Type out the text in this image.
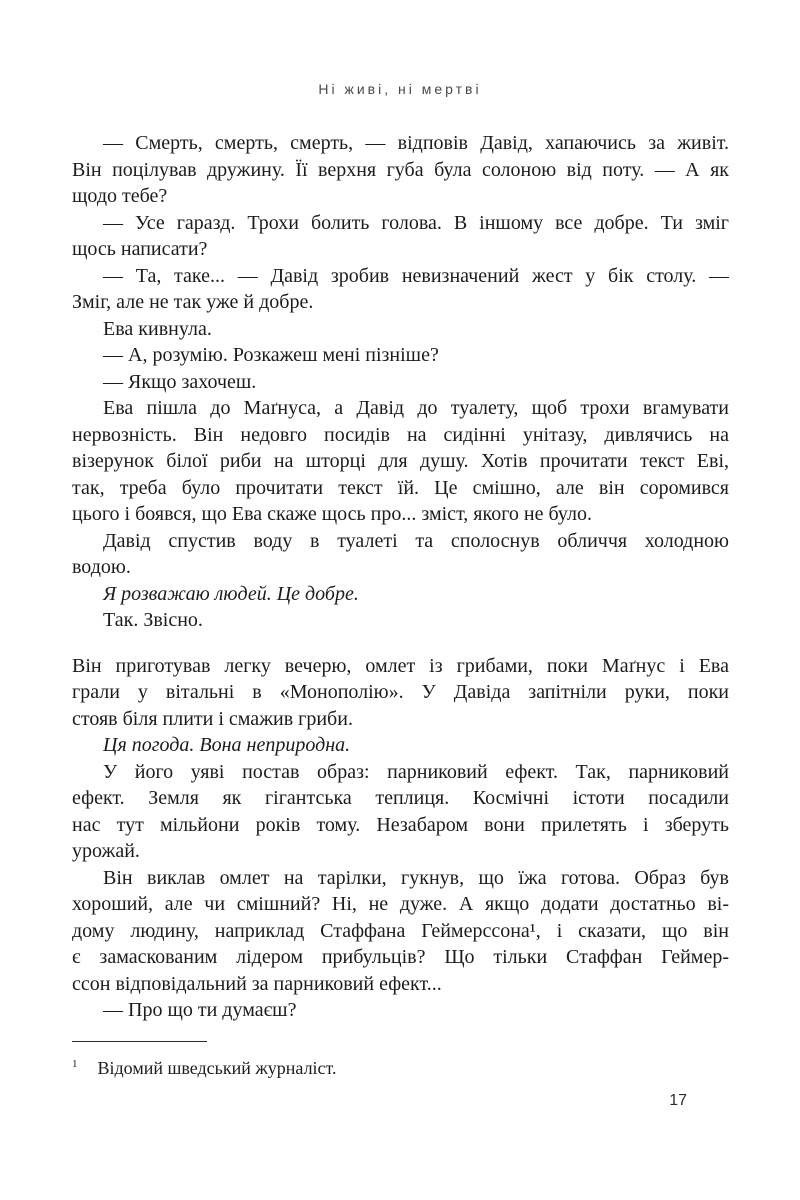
Ні живі, ні мертві
— Смерть, смерть, смерть, — відповів Давід, хапаючись за живіт.
Він поцілував дружину. Її верхня губа була солоною від поту. — А як
щодо тебе?
— Усе гаразд. Трохи болить голова. В іншому все добре. Ти зміг
щось написати?
— Та, таке... — Давід зробив невизначений жест у бік столу. —
Зміг, але не так уже й добре.
Ева кивнула.
— А, розумію. Розкажеш мені пізніше?
— Якщо захочеш.
Ева пішла до Маґнуса, а Давід до туалету, щоб трохи вгамувати
нервозність. Він недовго посидів на сидінні унітазу, дивлячись на
візерунок білої риби на шторці для душу. Хотів прочитати текст Еві,
так, треба було прочитати текст їй. Це смішно, але він соромився
цього і боявся, що Ева скаже щось про... зміст, якого не було.
Давід спустив воду в туалеті та сполоснув обличчя холодною
водою.
Я розважаю людей. Це добре.
Так. Звісно.
Він приготував легку вечерю, омлет із грибами, поки Маґнус і Ева
грали у вітальні в «Монополію». У Давіда запітніли руки, поки
стояв біля плити і смажив гриби.
Ця погода. Вона неприродна.
У його уяві постав образ: парниковий ефект. Так, парниковий
ефект. Земля як гігантська теплиця. Космічні істоти посадили
нас тут мільйони років тому. Незабаром вони прилетять і зберуть
урожай.
Він виклав омлет на тарілки, гукнув, що їжа готова. Образ був
хороший, але чи смішний? Ні, не дуже. А якщо додати достатньо ві-
дому людину, наприклад Стаффана Геймерссона¹, і сказати, що він
є замаскованим лідером прибульців? Що тільки Стаффан Геймер-
ссон відповідальний за парниковий ефект...
— Про що ти думаєш?
$^1$ Відомий шведський журналіст.
17
